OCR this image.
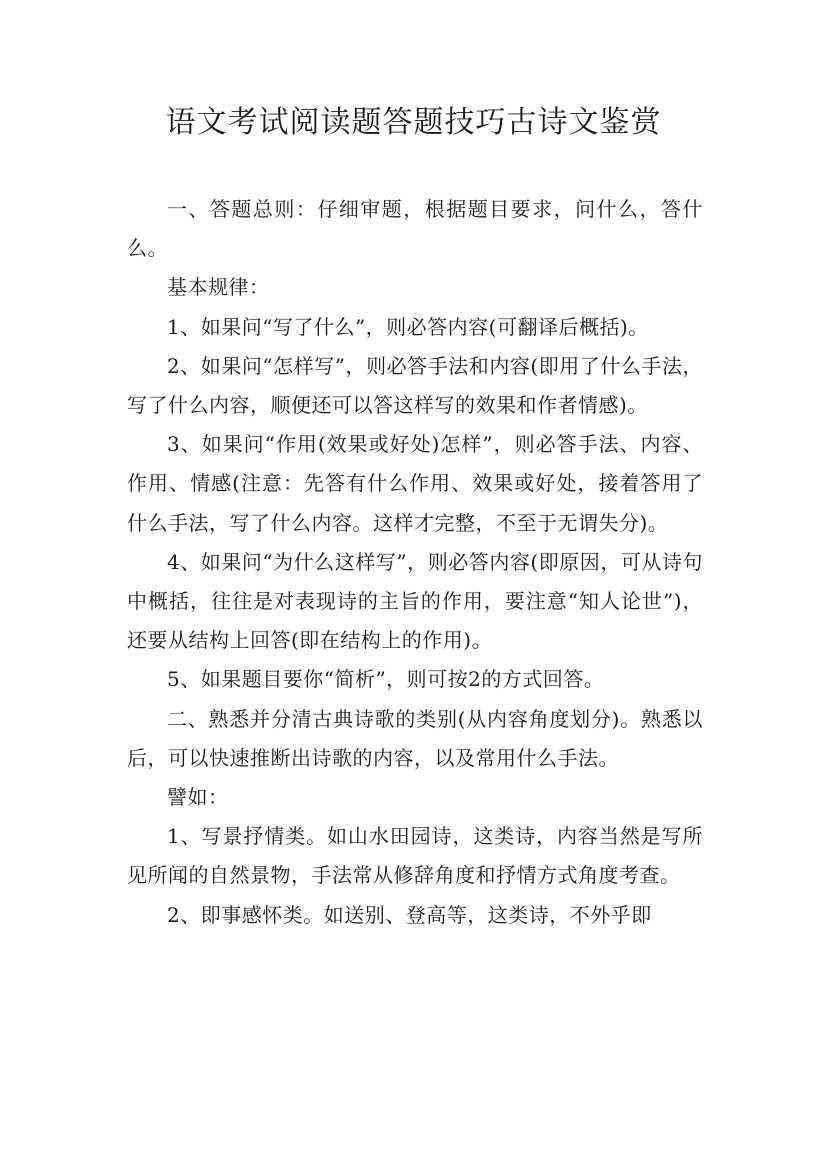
语文考试阅读题答题技巧古诗文鉴赏

一、答题总则：仔细审题，根据题目要求，问什么，答什么。

基本规律：

1、如果问“写了什么”，则必答内容(可翻译后概括)。

2、如果问“怎样写”，则必答手法和内容(即用了什么手法，写了什么内容，顺便还可以答这样写的效果和作者情感)。

3、如果问“作用(效果或好处)怎样”，则必答手法、内容、作用、情感(注意：先答有什么作用、效果或好处，接着答用了什么手法，写了什么内容。这样才完整，不至于无谓失分)。

4、如果问“为什么这样写”，则必答内容(即原因，可从诗句中概括，往往是对表现诗的主旨的作用，要注意“知人论世”)，还要从结构上回答(即在结构上的作用)。

5、如果题目要你“简析”，则可按2的方式回答。

二、熟悉并分清古典诗歌的类别(从内容角度划分)。熟悉以后，可以快速推断出诗歌的内容，以及常用什么手法。

譬如：

1、写景抒情类。如山水田园诗，这类诗，内容当然是写所见所闻的自然景物，手法常从修辞角度和抒情方式角度考查。

2、即事感怀类。如送别、登高等，这类诗，不外乎即
